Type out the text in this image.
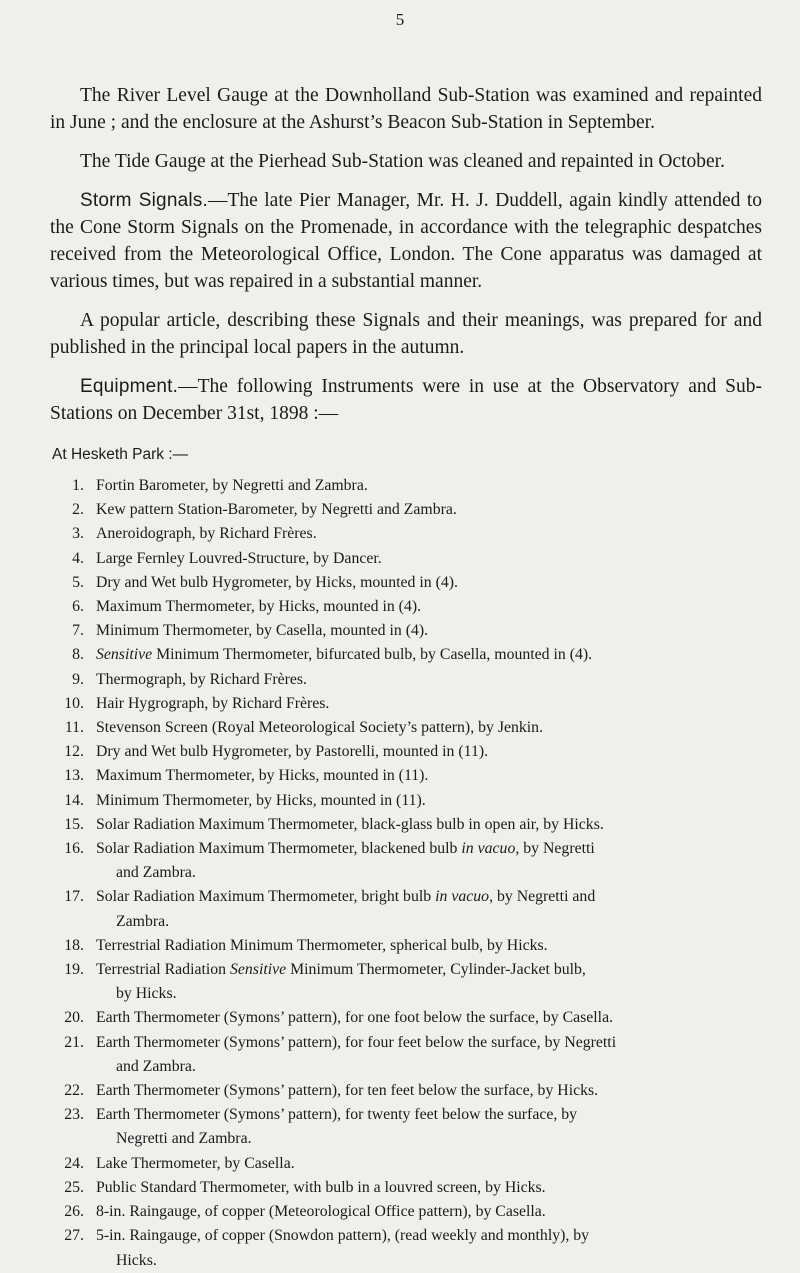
5

The River Level Gauge at the Downholland Sub-Station was examined and repainted in June ; and the enclosure at the Ashurst’s Beacon Sub-Station in September.

The Tide Gauge at the Pierhead Sub-Station was cleaned and repainted in October.

Storm Signals.—The late Pier Manager, Mr. H. J. Duddell, again kindly attended to the Cone Storm Signals on the Promenade, in accordance with the telegraphic despatches received from the Meteorological Office, London. The Cone apparatus was damaged at various times, but was repaired in a substantial manner.

A popular article, describing these Signals and their meanings, was prepared for and published in the principal local papers in the autumn.

Equipment.—The following Instruments were in use at the Observatory and Sub-Stations on December 31st, 1898 :—

At Hesketh Park :—
1. Fortin Barometer, by Negretti and Zambra.
2. Kew pattern Station-Barometer, by Negretti and Zambra.
3. Aneroidograph, by Richard Frères.
4. Large Fernley Louvred-Structure, by Dancer.
5. Dry and Wet bulb Hygrometer, by Hicks, mounted in (4).
6. Maximum Thermometer, by Hicks, mounted in (4).
7. Minimum Thermometer, by Casella, mounted in (4).
8. Sensitive Minimum Thermometer, bifurcated bulb, by Casella, mounted in (4).
9. Thermograph, by Richard Frères.
10. Hair Hygrograph, by Richard Frères.
11. Stevenson Screen (Royal Meteorological Society’s pattern), by Jenkin.
12. Dry and Wet bulb Hygrometer, by Pastorelli, mounted in (11).
13. Maximum Thermometer, by Hicks, mounted in (11).
14. Minimum Thermometer, by Hicks, mounted in (11).
15. Solar Radiation Maximum Thermometer, black-glass bulb in open air, by Hicks.
16. Solar Radiation Maximum Thermometer, blackened bulb in vacuo, by Negretti
and Zambra.
17. Solar Radiation Maximum Thermometer, bright bulb in vacuo, by Negretti and
Zambra.
18. Terrestrial Radiation Minimum Thermometer, spherical bulb, by Hicks.
19. Terrestrial Radiation Sensitive Minimum Thermometer, Cylinder-Jacket bulb,
by Hicks.
20. Earth Thermometer (Symons’ pattern), for one foot below the surface, by Casella.
21. Earth Thermometer (Symons’ pattern), for four feet below the surface, by Negretti
and Zambra.
22. Earth Thermometer (Symons’ pattern), for ten feet below the surface, by Hicks.
23. Earth Thermometer (Symons’ pattern), for twenty feet below the surface, by
Negretti and Zambra.
24. Lake Thermometer, by Casella.
25. Public Standard Thermometer, with bulb in a louvred screen, by Hicks.
26. 8-in. Raingauge, of copper (Meteorological Office pattern), by Casella.
27. 5-in. Raingauge, of copper (Snowdon pattern), (read weekly and monthly), by
Hicks.
